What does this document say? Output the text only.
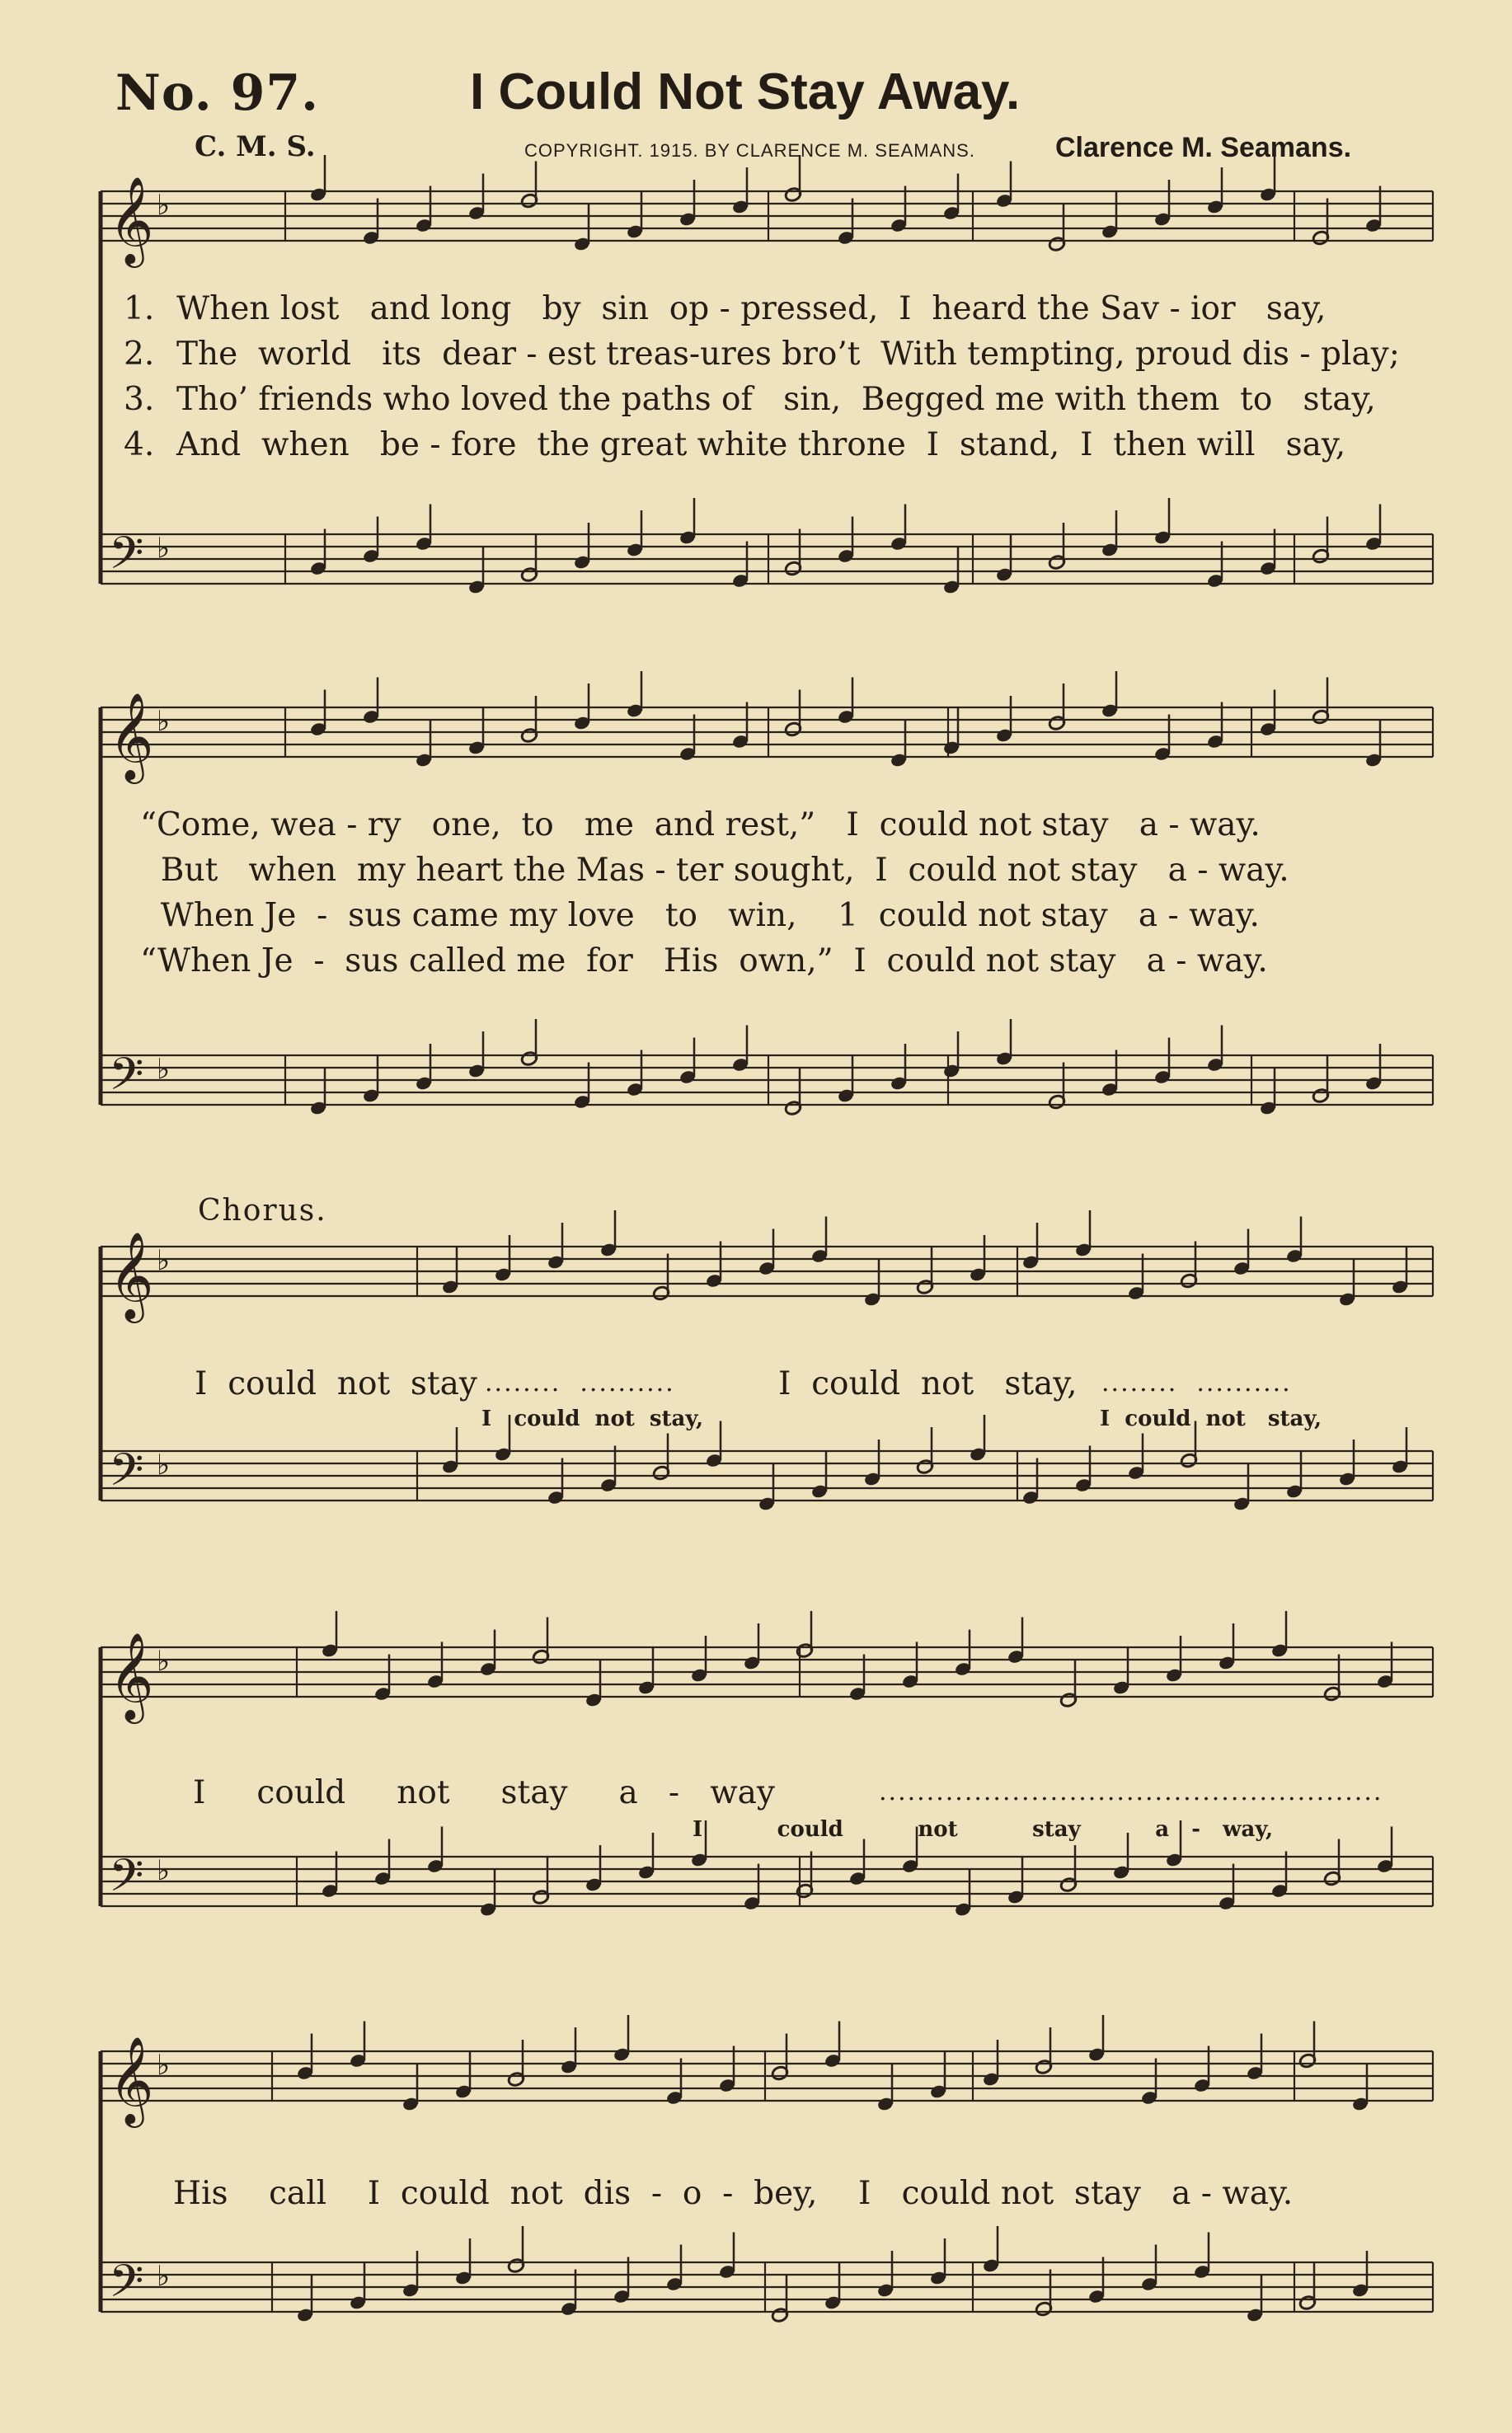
No. 97.	I Could Not Stay Away.
C. M. S.	COPYRIGHT. 1915. BY CLARENCE M. SEAMANS.	Clarence M. Seamans.
𝄞 ♭
𝄢 ♭
𝄞 ♭
𝄢 ♭
𝄞 ♭
𝄢 ♭
𝄞 ♭
𝄢 ♭
𝄞 ♭
𝄢 ♭
1. When lost   and long   by  sin  op - pressed,  I  heard the Sav - ior   say,
2. The  world   its  dear - est treas-ures bro’t  With tempting, proud dis - play;
3. Tho’ friends who loved the paths of   sin,  Begged me with them  to   stay,
4. And  when   be - fore  the great white throne  I  stand,  I  then will   say,
“Come, wea - ry   one,  to   me  and rest,”   I  could not stay   a - way.
But   when  my heart the Mas - ter sought,  I  could not stay   a - way.
When Je  -  sus came my love   to   win,    1  could not stay   a - way.
“When Je  -  sus called me  for   His  own,”  I  could not stay   a - way.
Chorus.
I  could  not  stay ........  ..........	I  could  not   stay, ........  ..........
I   could  not  stay,	I  could  not   stay,
I     could     not     stay     a   -   way	.....................................................
I          could          not          stay          a   -   way,
His    call    I  could  not  dis  -  o  -  bey,    I   could not  stay   a - way.
